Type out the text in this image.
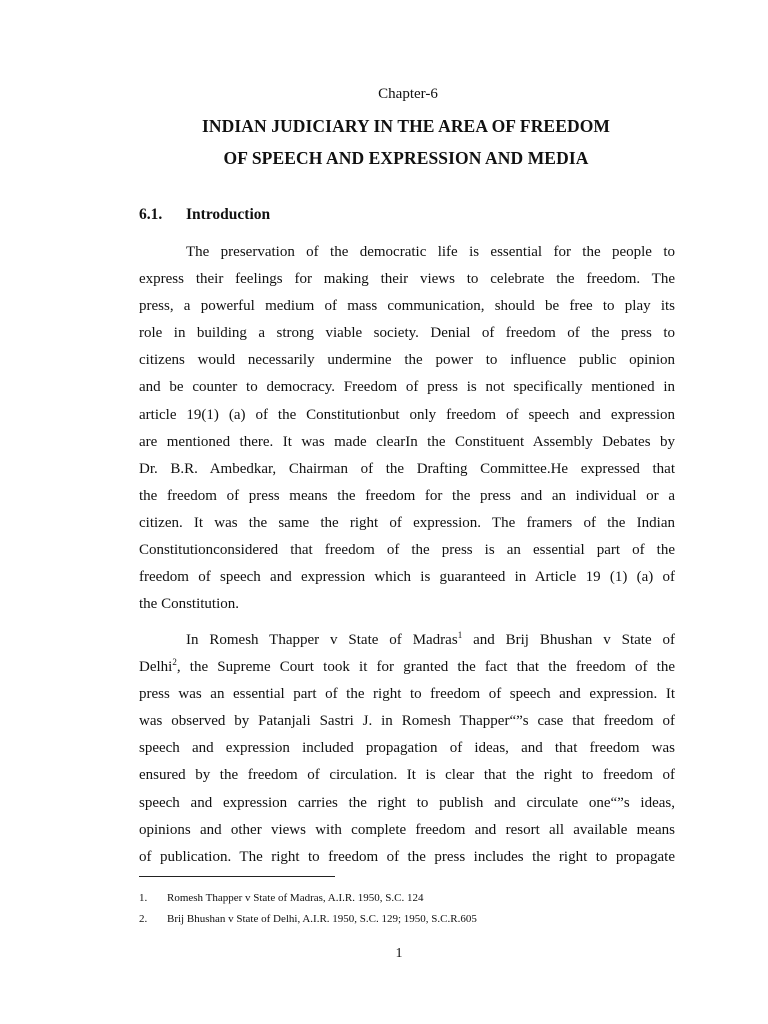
Chapter-6
INDIAN JUDICIARY IN THE AREA OF FREEDOM
OF SPEECH AND EXPRESSION AND MEDIA
6.1. Introduction
The preservation of the democratic life is essential for the people to
express their feelings for making their views to celebrate the freedom. The
press, a powerful medium of mass communication, should be free to play its
role in building a strong viable society. Denial of freedom of the press to
citizens would necessarily undermine the power to influence public opinion
and be counter to democracy. Freedom of press is not specifically mentioned in
article 19(1) (a) of the Constitutionbut only freedom of speech and expression
are mentioned there. It was made clearIn the Constituent Assembly Debates by
Dr. B.R. Ambedkar, Chairman of the Drafting Committee.He expressed that
the freedom of press means the freedom for the press and an individual or a
citizen. It was the same the right of expression. The framers of the Indian
Constitutionconsidered that freedom of the press is an essential part of the
freedom of speech and expression which is guaranteed in Article 19 (1) (a) of
the Constitution.
In Romesh Thapper v State of Madras$^1$ and Brij Bhushan v State of
Delhi$^2$, the Supreme Court took it for granted the fact that the freedom of the
press was an essential part of the right to freedom of speech and expression. It
was observed by Patanjali Sastri J. in Romesh Thapper“”s case that freedom of
speech and expression included propagation of ideas, and that freedom was
ensured by the freedom of circulation. It is clear that the right to freedom of
speech and expression carries the right to publish and circulate one“”s ideas,
opinions and other views with complete freedom and resort all available means
of publication. The right to freedom of the press includes the right to propagate
1. Romesh Thapper v State of Madras, A.I.R. 1950, S.C. 124
2. Brij Bhushan v State of Delhi, A.I.R. 1950, S.C. 129; 1950, S.C.R.605
1
